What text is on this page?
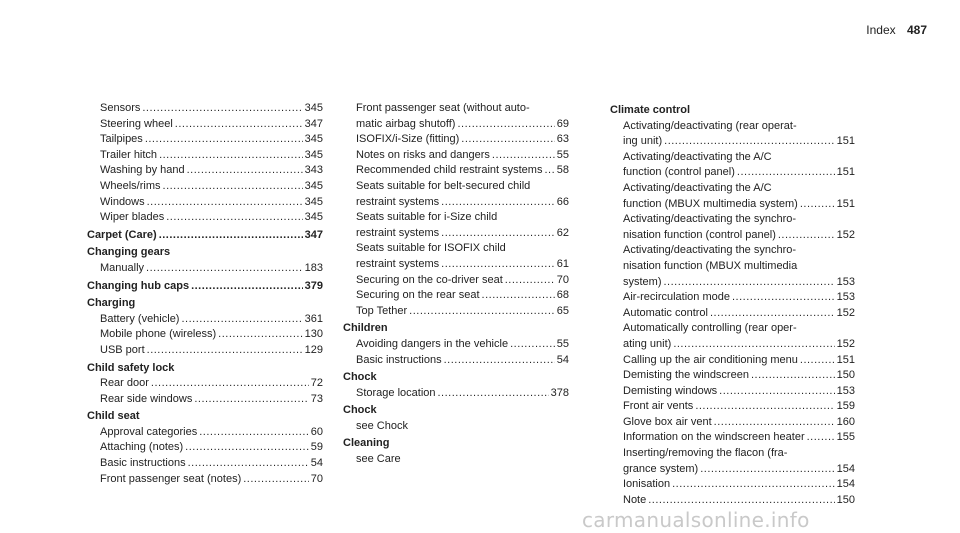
Index 487
Sensors .....	345
Steering wheel .....	347
Tailpipes .....	345
Trailer hitch .....	345
Washing by hand .....	343
Wheels/rims .....	345
Windows .....	345
Wiper blades .....	345
Carpet (Care) .....	347
Changing gears
Manually .....	183
Changing hub caps .....	379
Charging
Battery (vehicle) .....	361
Mobile phone (wireless) .....	130
USB port .....	129
Child safety lock
Rear door .....	72
Rear side windows .....	73
Child seat
Approval categories .....	60
Attaching (notes) .....	59
Basic instructions .....	54
Front passenger seat (notes) .....	70
Front passenger seat (without auto-
matic airbag shutoff) .....	69
ISOFIX/i-Size (fitting) .....	63
Notes on risks and dangers .....	55
Recommended child restraint systems ..... 58
Seats suitable for belt-secured child
restraint systems .....	66
Seats suitable for i-Size child
restraint systems .....	62
Seats suitable for ISOFIX child
restraint systems .....	61
Securing on the co-driver seat .....	70
Securing on the rear seat .....	68
Top Tether .....	65
Children
Avoiding dangers in the vehicle .....	55
Basic instructions .....	54
Chock
Storage location .....	378
Chock
see Chock
Cleaning
see Care
Climate control
Activating/deactivating (rear operat-
ing unit) .....	151
Activating/deactivating the A/C
function (control panel) .....	151
Activating/deactivating the A/C
function (MBUX multimedia system) .....	151
Activating/deactivating the synchro-
nisation function (control panel) .....	152
Activating/deactivating the synchro-
nisation function (MBUX multimedia
system) .....	153
Air-recirculation mode .....	153
Automatic control .....	152
Automatically controlling (rear oper-
ating unit) .....	152
Calling up the air conditioning menu .....	151
Demisting the windscreen .....	150
Demisting windows .....	153
Front air vents .....	159
Glove box air vent .....	160
Information on the windscreen heater .....	155
Inserting/removing the flacon (fra-
grance system) .....	154
Ionisation .....	154
Note .....	150
carmanualsonline.info
